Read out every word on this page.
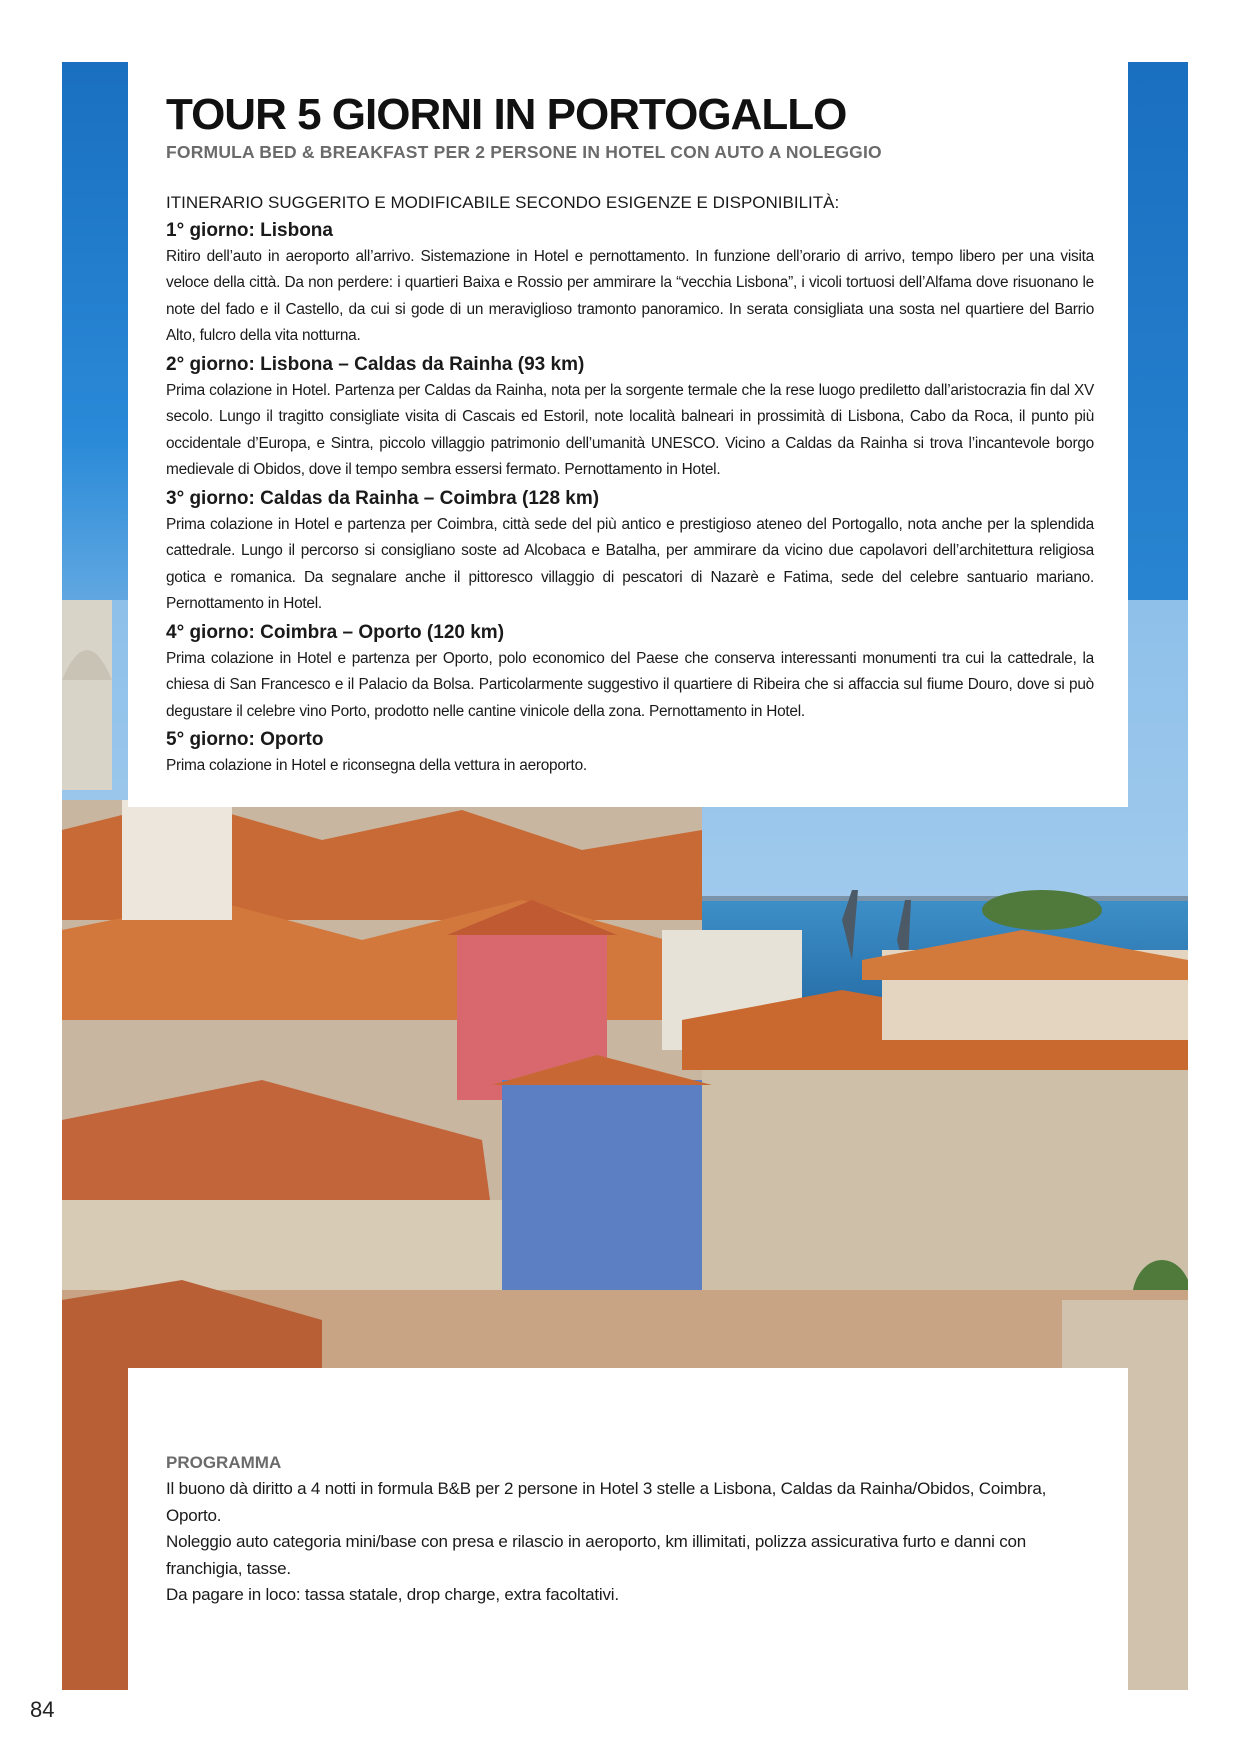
TOUR 5 GIORNI IN PORTOGALLO
FORMULA BED & BREAKFAST PER 2 PERSONE IN HOTEL CON AUTO A NOLEGGIO
ITINERARIO SUGGERITO E MODIFICABILE SECONDO ESIGENZE E DISPONIBILITÀ:
1° giorno: Lisbona
Ritiro dell’auto in aeroporto all’arrivo. Sistemazione in Hotel e pernottamento. In funzione dell’orario di arrivo, tempo libero per una visita veloce della città. Da non perdere: i quartieri Baixa e Rossio per ammirare la “vecchia Lisbona”, i vicoli tortuosi dell’Alfama dove risuonano le note del fado e il Castello, da cui si gode di un meraviglioso tramonto panoramico. In serata consigliata una sosta nel quartiere del Barrio Alto, fulcro della vita notturna.
2° giorno: Lisbona – Caldas da Rainha (93 km)
Prima colazione in Hotel. Partenza per Caldas da Rainha, nota per la sorgente termale che la rese luogo prediletto dall’aristocrazia fin dal XV secolo. Lungo il tragitto consigliate visita di Cascais ed Estoril, note località balneari in prossimità di Lisbona, Cabo da Roca, il punto più occidentale d’Europa, e Sintra, piccolo villaggio patrimonio dell’umanità UNESCO. Vicino a Caldas da Rainha si trova l’incantevole borgo medievale di Obidos, dove il tempo sembra essersi fermato. Pernottamento in Hotel.
3° giorno: Caldas da Rainha – Coimbra (128 km)
Prima colazione in Hotel e partenza per Coimbra, città sede del più antico e prestigioso ateneo del Portogallo, nota anche per la splendida cattedrale. Lungo il percorso si consigliano soste ad Alcobaca e Batalha, per ammirare da vicino due capolavori dell’architettura religiosa gotica e romanica. Da segnalare anche il pittoresco villaggio di pescatori di Nazarè e Fatima, sede del celebre santuario mariano. Pernottamento in Hotel.
4° giorno: Coimbra – Oporto (120 km)
Prima colazione in Hotel e partenza per Oporto, polo economico del Paese che conserva interessanti monumenti tra cui la cattedrale, la chiesa di San Francesco e il Palacio da Bolsa. Particolarmente suggestivo il quartiere di Ribeira che si affaccia sul fiume Douro, dove si può degustare il celebre vino Porto, prodotto nelle cantine vinicole della zona. Pernottamento in Hotel.
5° giorno: Oporto
Prima colazione in Hotel e riconsegna della vettura in aeroporto.
PROGRAMMA
Il buono dà diritto a 4 notti in formula B&B per 2 persone in Hotel 3 stelle a Lisbona, Caldas da Rainha/Obidos, Coimbra, Oporto.
Noleggio auto categoria mini/base con presa e rilascio in aeroporto, km illimitati, polizza assicurativa furto e danni con franchigia, tasse.
Da pagare in loco: tassa statale, drop charge, extra facoltativi.
84
